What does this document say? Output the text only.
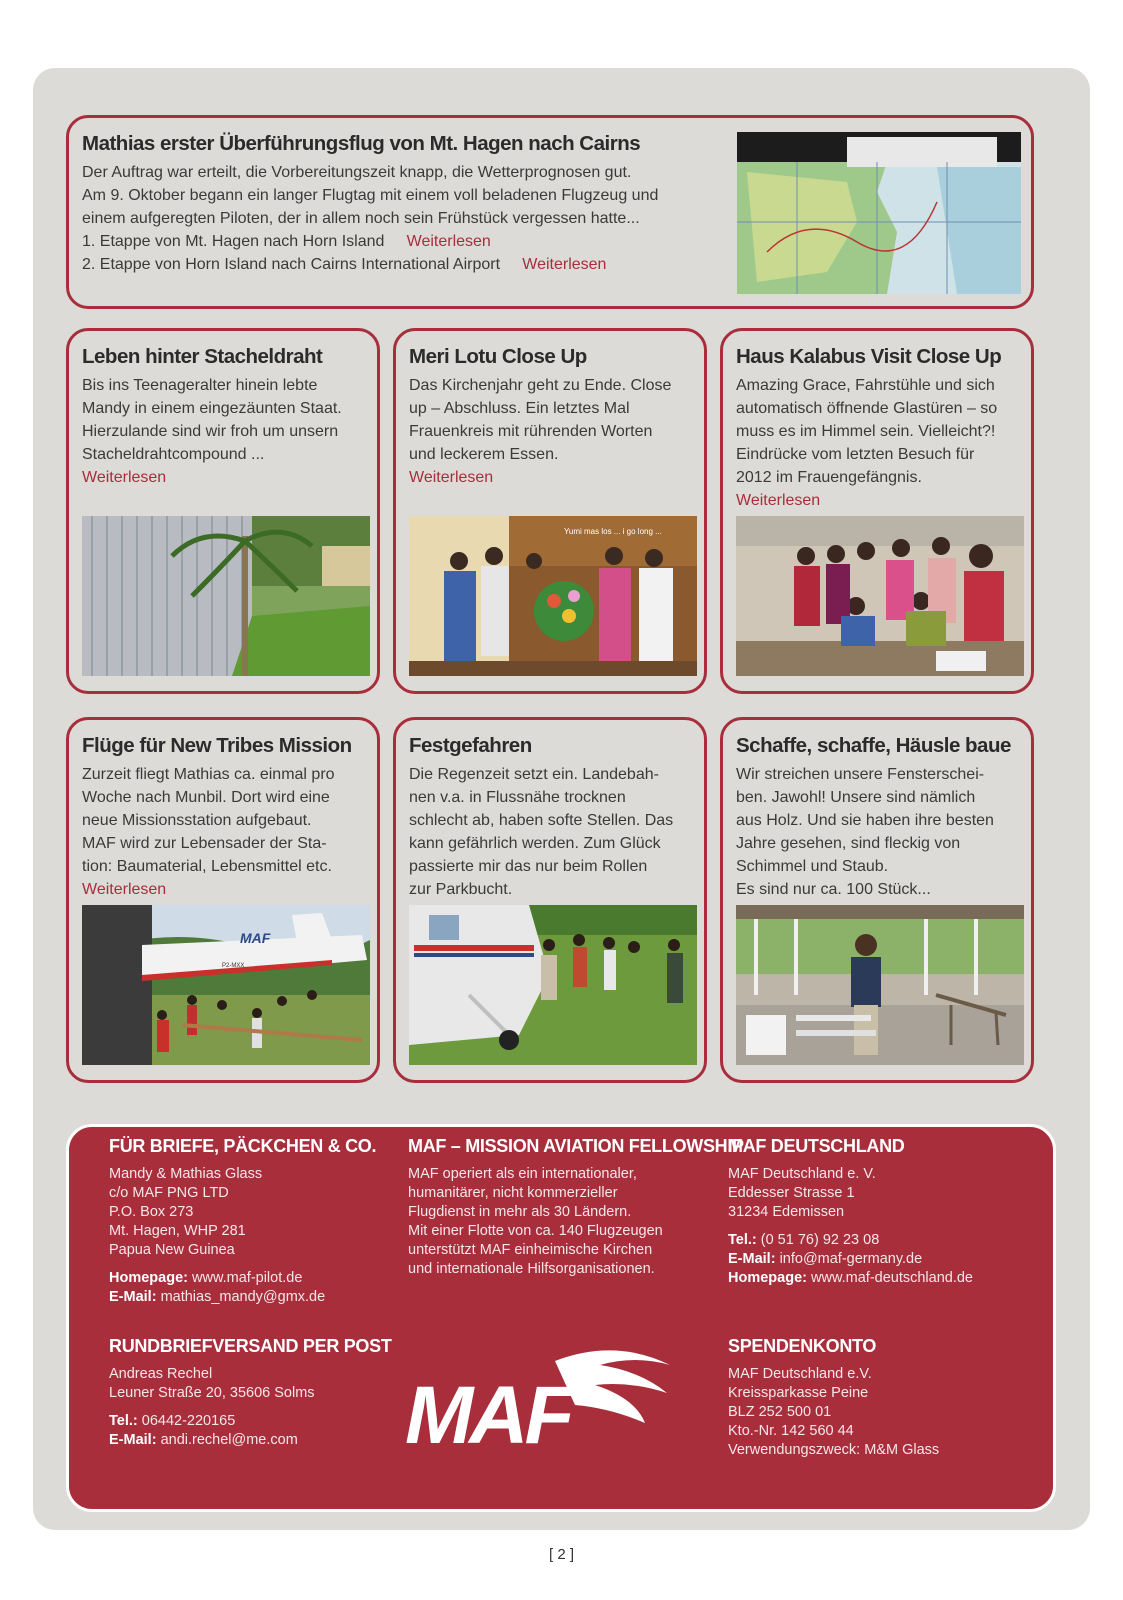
Mathias erster Überführungsflug von Mt. Hagen nach Cairns
Der Auftrag war erteilt, die Vorbereitungszeit knapp, die Wetterprognosen gut.
Am 9. Oktober begann ein langer Flugtag mit einem voll beladenen Flugzeug und
einem aufgeregten Piloten, der in allem noch sein Frühstück vergessen hatte...
1. Etappe von Mt. Hagen nach Horn Island Weiterlesen
2. Etappe von Horn Island nach Cairns International Airport Weiterlesen
Leben hinter Stacheldraht
Bis ins Teenageralter hinein lebte
Mandy in einem eingezäunten Staat.
Hierzulande sind wir froh um unsern
Stacheldrahtcompound ...
Weiterlesen
Meri Lotu Close Up
Das Kirchenjahr geht zu Ende. Close
up – Abschluss. Ein letztes Mal
Frauenkreis mit rührenden Worten
und leckerem Essen.
Weiterlesen
Yumi mas los ... i go long ...
Haus Kalabus Visit Close Up
Amazing Grace, Fahrstühle und sich
automatisch öffnende Glastüren – so
muss es im Himmel sein. Vielleicht?!
Eindrücke vom letzten Besuch für
2012 im Frauengefängnis.
Weiterlesen
Flüge für New Tribes Mission
Zurzeit fliegt Mathias ca. einmal pro
Woche nach Munbil. Dort wird eine
neue Missionsstation aufgebaut.
MAF wird zur Lebensader der Sta-
tion: Baumaterial, Lebensmittel etc.
Weiterlesen
MAF
P2-MXX
Festgefahren
Die Regenzeit setzt ein. Landebah-
nen v.a. in Flussnähe trocknen
schlecht ab, haben softe Stellen. Das
kann gefährlich werden. Zum Glück
passierte mir das nur beim Rollen
zur Parkbucht.
Schaffe, schaffe, Häusle baue
Wir streichen unsere Fensterschei-
ben. Jawohl! Unsere sind nämlich
aus Holz. Und sie haben ihre besten
Jahre gesehen, sind fleckig von
Schimmel und Staub.
Es sind nur ca. 100 Stück...
FÜR BRIEFE, PÄCKCHEN & CO.
Mandy & Mathias Glass
c/o MAF PNG LTD
P.O. Box 273
Mt. Hagen, WHP 281
Papua New Guinea
Homepage: www.maf-pilot.de
E-Mail: mathias_mandy@gmx.de
MAF – MISSION AVIATION FELLOWSHIP
MAF operiert als ein internationaler,
humanitärer, nicht kommerzieller
Flugdienst in mehr als 30 Ländern.
Mit einer Flotte von ca. 140 Flugzeugen
unterstützt MAF einheimische Kirchen
und internationale Hilfsorganisationen.
MAF DEUTSCHLAND
MAF Deutschland e. V.
Eddesser Strasse 1
31234 Edemissen
Tel.: (0 51 76) 92 23 08
E-Mail: info@maf-germany.de
Homepage: www.maf-deutschland.de
RUNDBRIEFVERSAND PER POST
Andreas Rechel
Leuner Straße 20, 35606 Solms
Tel.: 06442-220165
E-Mail: andi.rechel@me.com	MAF
SPENDENKONTO
MAF Deutschland e.V.
Kreissparkasse Peine
BLZ 252 500 01
Kto.-Nr. 142 560 44
Verwendungszweck: M&M Glass
[ 2 ]
